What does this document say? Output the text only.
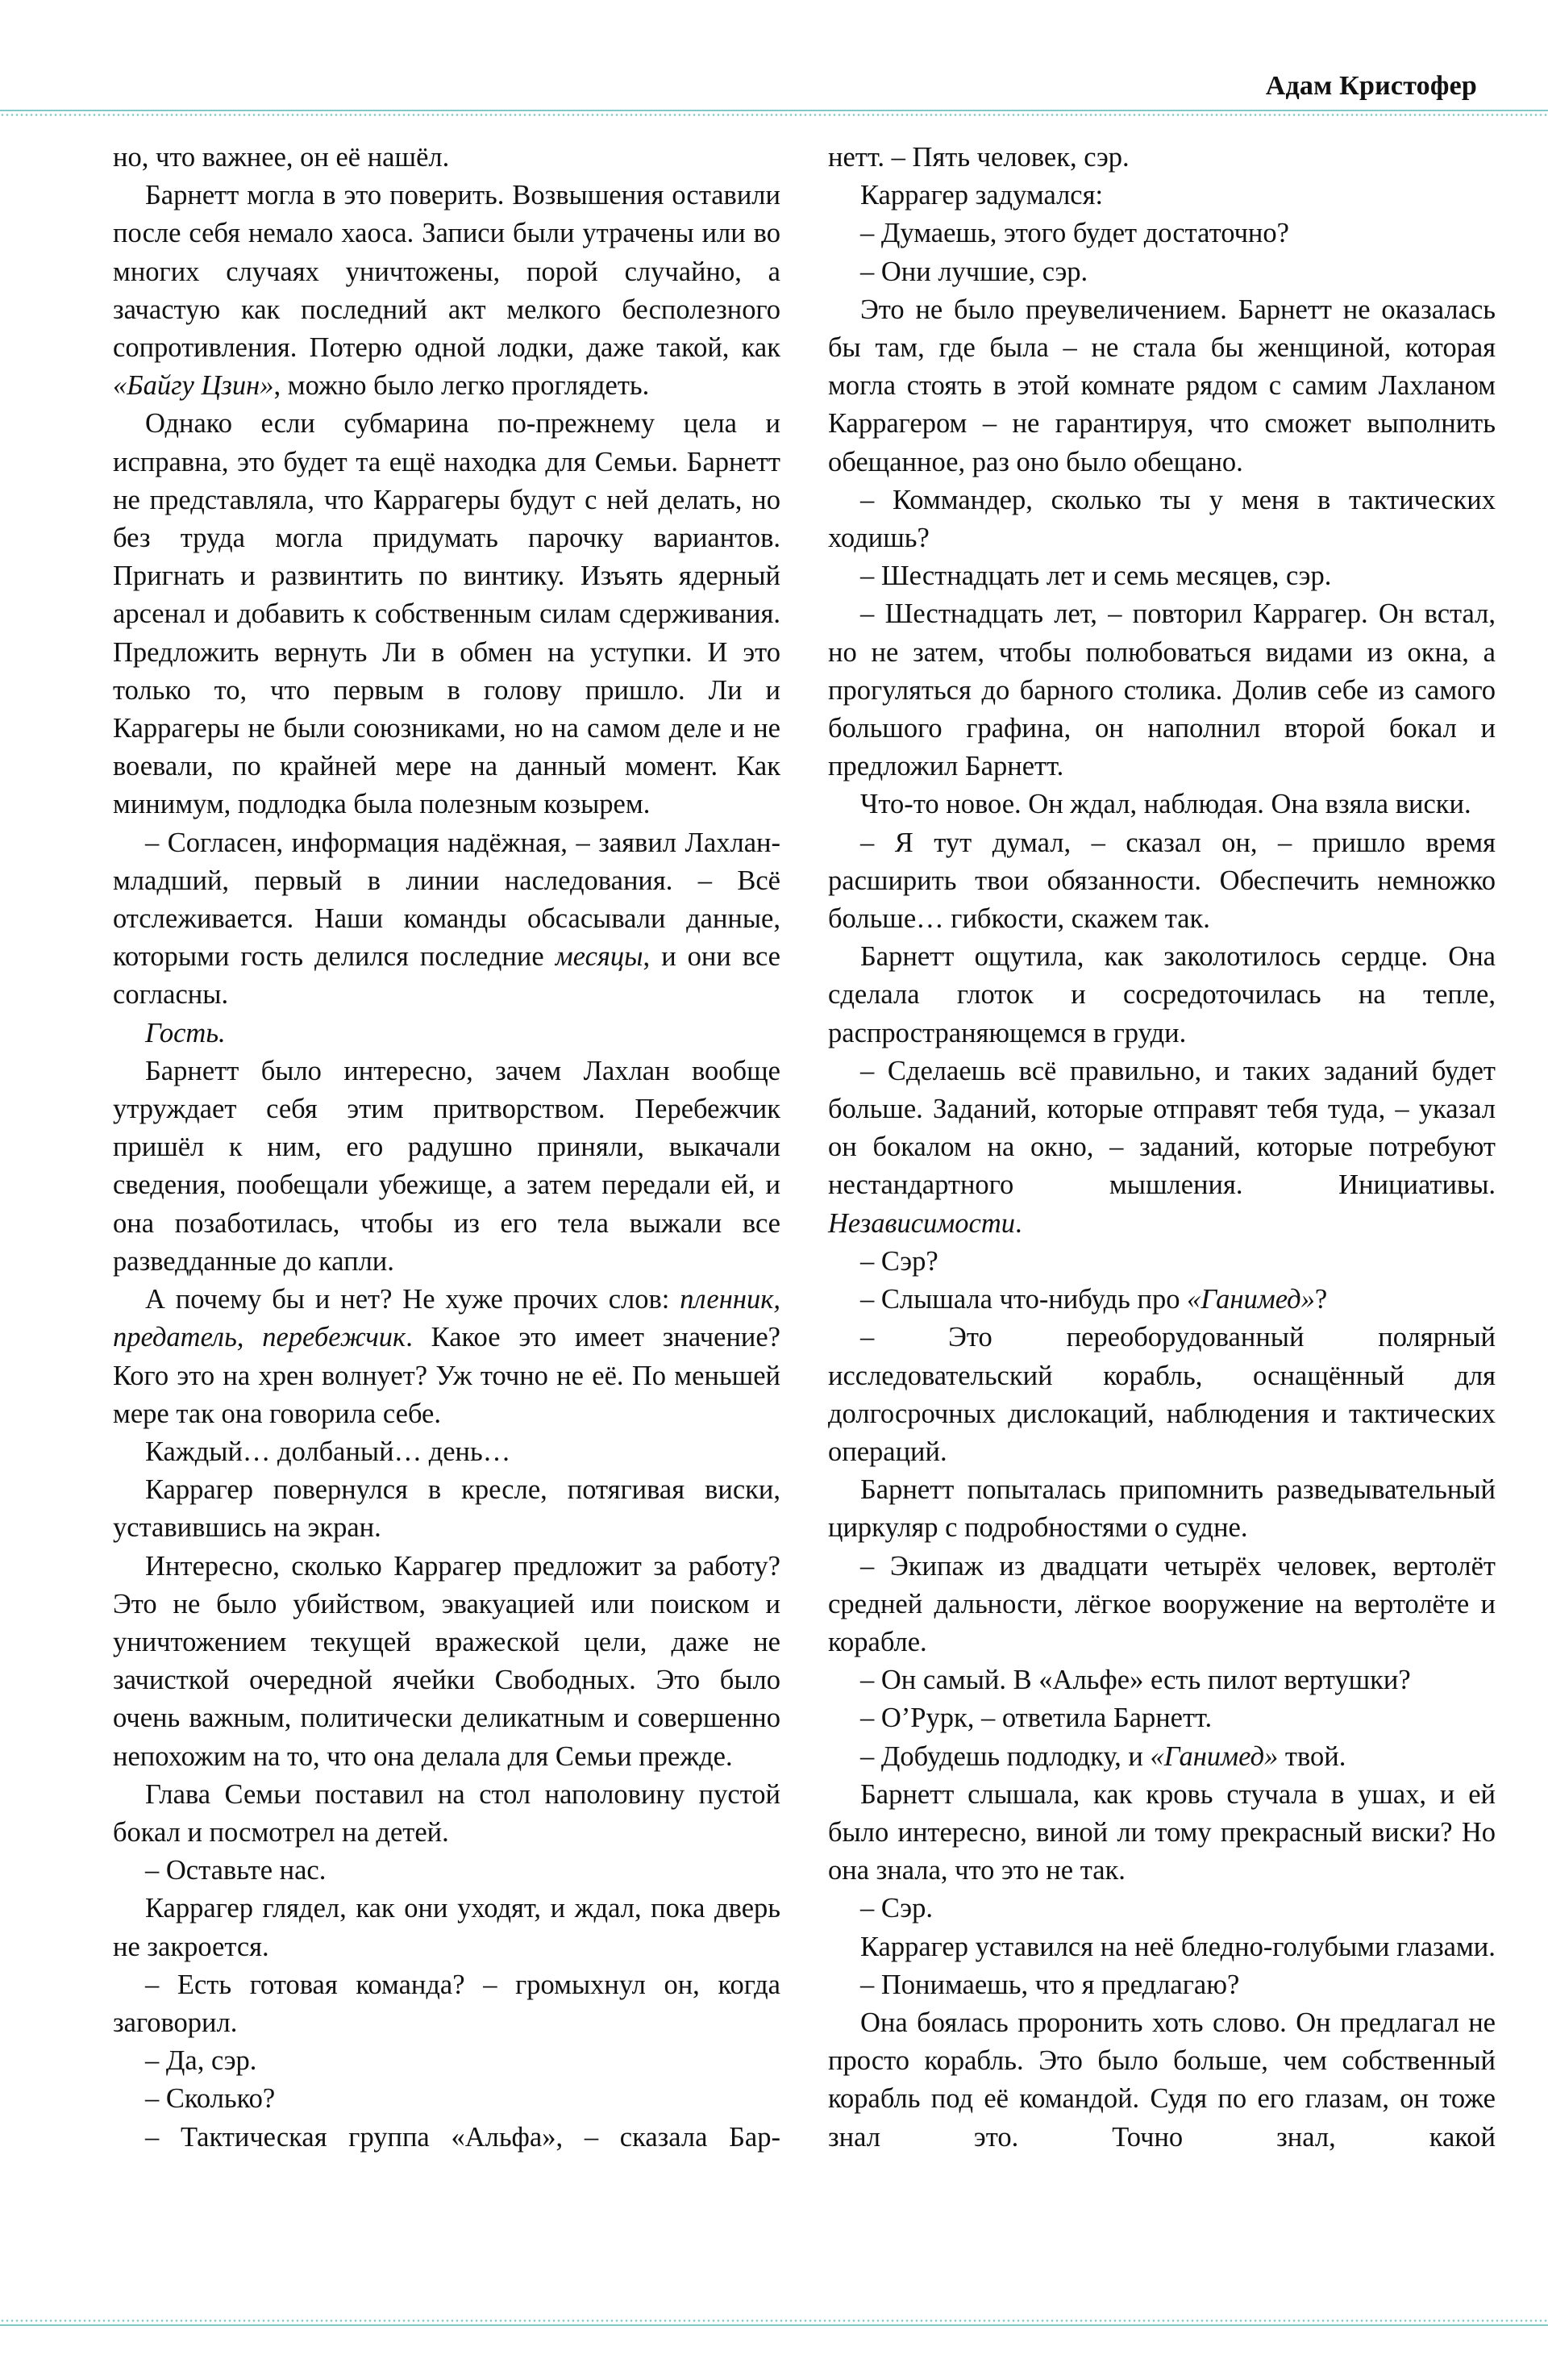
Адам Кристофер

но, что важнее, он её нашёл.

Барнетт могла в это поверить. Возвышения оставили после себя немало хаоса. Записи были утрачены или во многих случаях уничтожены, порой случайно, а зачастую как последний акт мелкого бесполезного сопротивления. Потерю одной лодки, даже такой, как «Байгу Цзин», можно было легко проглядеть.

Однако если субмарина по-прежнему цела и исправна, это будет та ещё находка для Семьи. Барнетт не представляла, что Каррагеры будут с ней делать, но без труда могла придумать парочку вариантов. Пригнать и развинтить по винтику. Изъять ядерный арсенал и добавить к собственным силам сдерживания. Предложить вернуть Ли в обмен на уступки. И это только то, что первым в голову пришло. Ли и Каррагеры не были союзниками, но на самом деле и не воевали, по крайней мере на данный момент. Как минимум, подлодка была полезным козырем.

– Согласен, информация надёжная, – заявил Лахлан-младший, первый в линии наследования. – Всё отслеживается. Наши команды обсасывали данные, которыми гость делился последние месяцы, и они все согласны.

Гость.

Барнетт было интересно, зачем Лахлан вообще утруждает себя этим притворством. Перебежчик пришёл к ним, его радушно приняли, выкачали сведения, пообещали убежище, а затем передали ей, и она позаботилась, чтобы из его тела выжали все разведданные до капли.

А почему бы и нет? Не хуже прочих слов: пленник, предатель, перебежчик. Какое это имеет значение? Кого это на хрен волнует? Уж точно не её. По меньшей мере так она говорила себе.

Каждый… долбаный… день…

Каррагер повернулся в кресле, потягивая виски, уставившись на экран.

Интересно, сколько Каррагер предложит за работу? Это не было убийством, эвакуацией или поиском и уничтожением текущей вражеской цели, даже не зачисткой очередной ячейки Свободных. Это было очень важным, политически деликатным и совершенно непохожим на то, что она делала для Семьи прежде.

Глава Семьи поставил на стол наполовину пустой бокал и посмотрел на детей.

– Оставьте нас.

Каррагер глядел, как они уходят, и ждал, пока дверь не закроется.

– Есть готовая команда? – громыхнул он, когда заговорил.

– Да, сэр.

– Сколько?

– Тактическая группа «Альфа», – сказала Бар-

нетт. – Пять человек, сэр.

Каррагер задумался:

– Думаешь, этого будет достаточно?

– Они лучшие, сэр.

Это не было преувеличением. Барнетт не оказалась бы там, где была – не стала бы женщиной, которая могла стоять в этой комнате рядом с самим Лахланом Каррагером – не гарантируя, что сможет выполнить обещанное, раз оно было обещано.

– Коммандер, сколько ты у меня в тактических ходишь?

– Шестнадцать лет и семь месяцев, сэр.

– Шестнадцать лет, – повторил Каррагер. Он встал, но не затем, чтобы полюбоваться видами из окна, а прогуляться до барного столика. Долив себе из самого большого графина, он наполнил второй бокал и предложил Барнетт.

Что-то новое. Он ждал, наблюдая. Она взяла виски.

– Я тут думал, – сказал он, – пришло время расширить твои обязанности. Обеспечить немножко больше… гибкости, скажем так.

Барнетт ощутила, как заколотилось сердце. Она сделала глоток и сосредоточилась на тепле, распространяющемся в груди.

– Сделаешь всё правильно, и таких заданий будет больше. Заданий, которые отправят тебя туда, – указал он бокалом на окно, – заданий, которые потребуют нестандартного мышления. Инициативы. Независимости.

– Сэр?

– Слышала что-нибудь про «Ганимед»?

– Это переоборудованный полярный исследовательский корабль, оснащённый для долгосрочных дислокаций, наблюдения и тактических операций.

Барнетт попыталась припомнить разведывательный циркуляр с подробностями о судне.

– Экипаж из двадцати четырёх человек, вертолёт средней дальности, лёгкое вооружение на вертолёте и корабле.

– Он самый. В «Альфе» есть пилот вертушки?

– О’Рурк, – ответила Барнетт.

– Добудешь подлодку, и «Ганимед» твой.

Барнетт слышала, как кровь стучала в ушах, и ей было интересно, виной ли тому прекрасный виски? Но она знала, что это не так.

– Сэр.

Каррагер уставился на неё бледно-голубыми глазами.

– Понимаешь, что я предлагаю?

Она боялась проронить хоть слово. Он предлагал не просто корабль. Это было больше, чем собственный корабль под её командой. Судя по его глазам, он тоже знал это. Точно знал, какой
